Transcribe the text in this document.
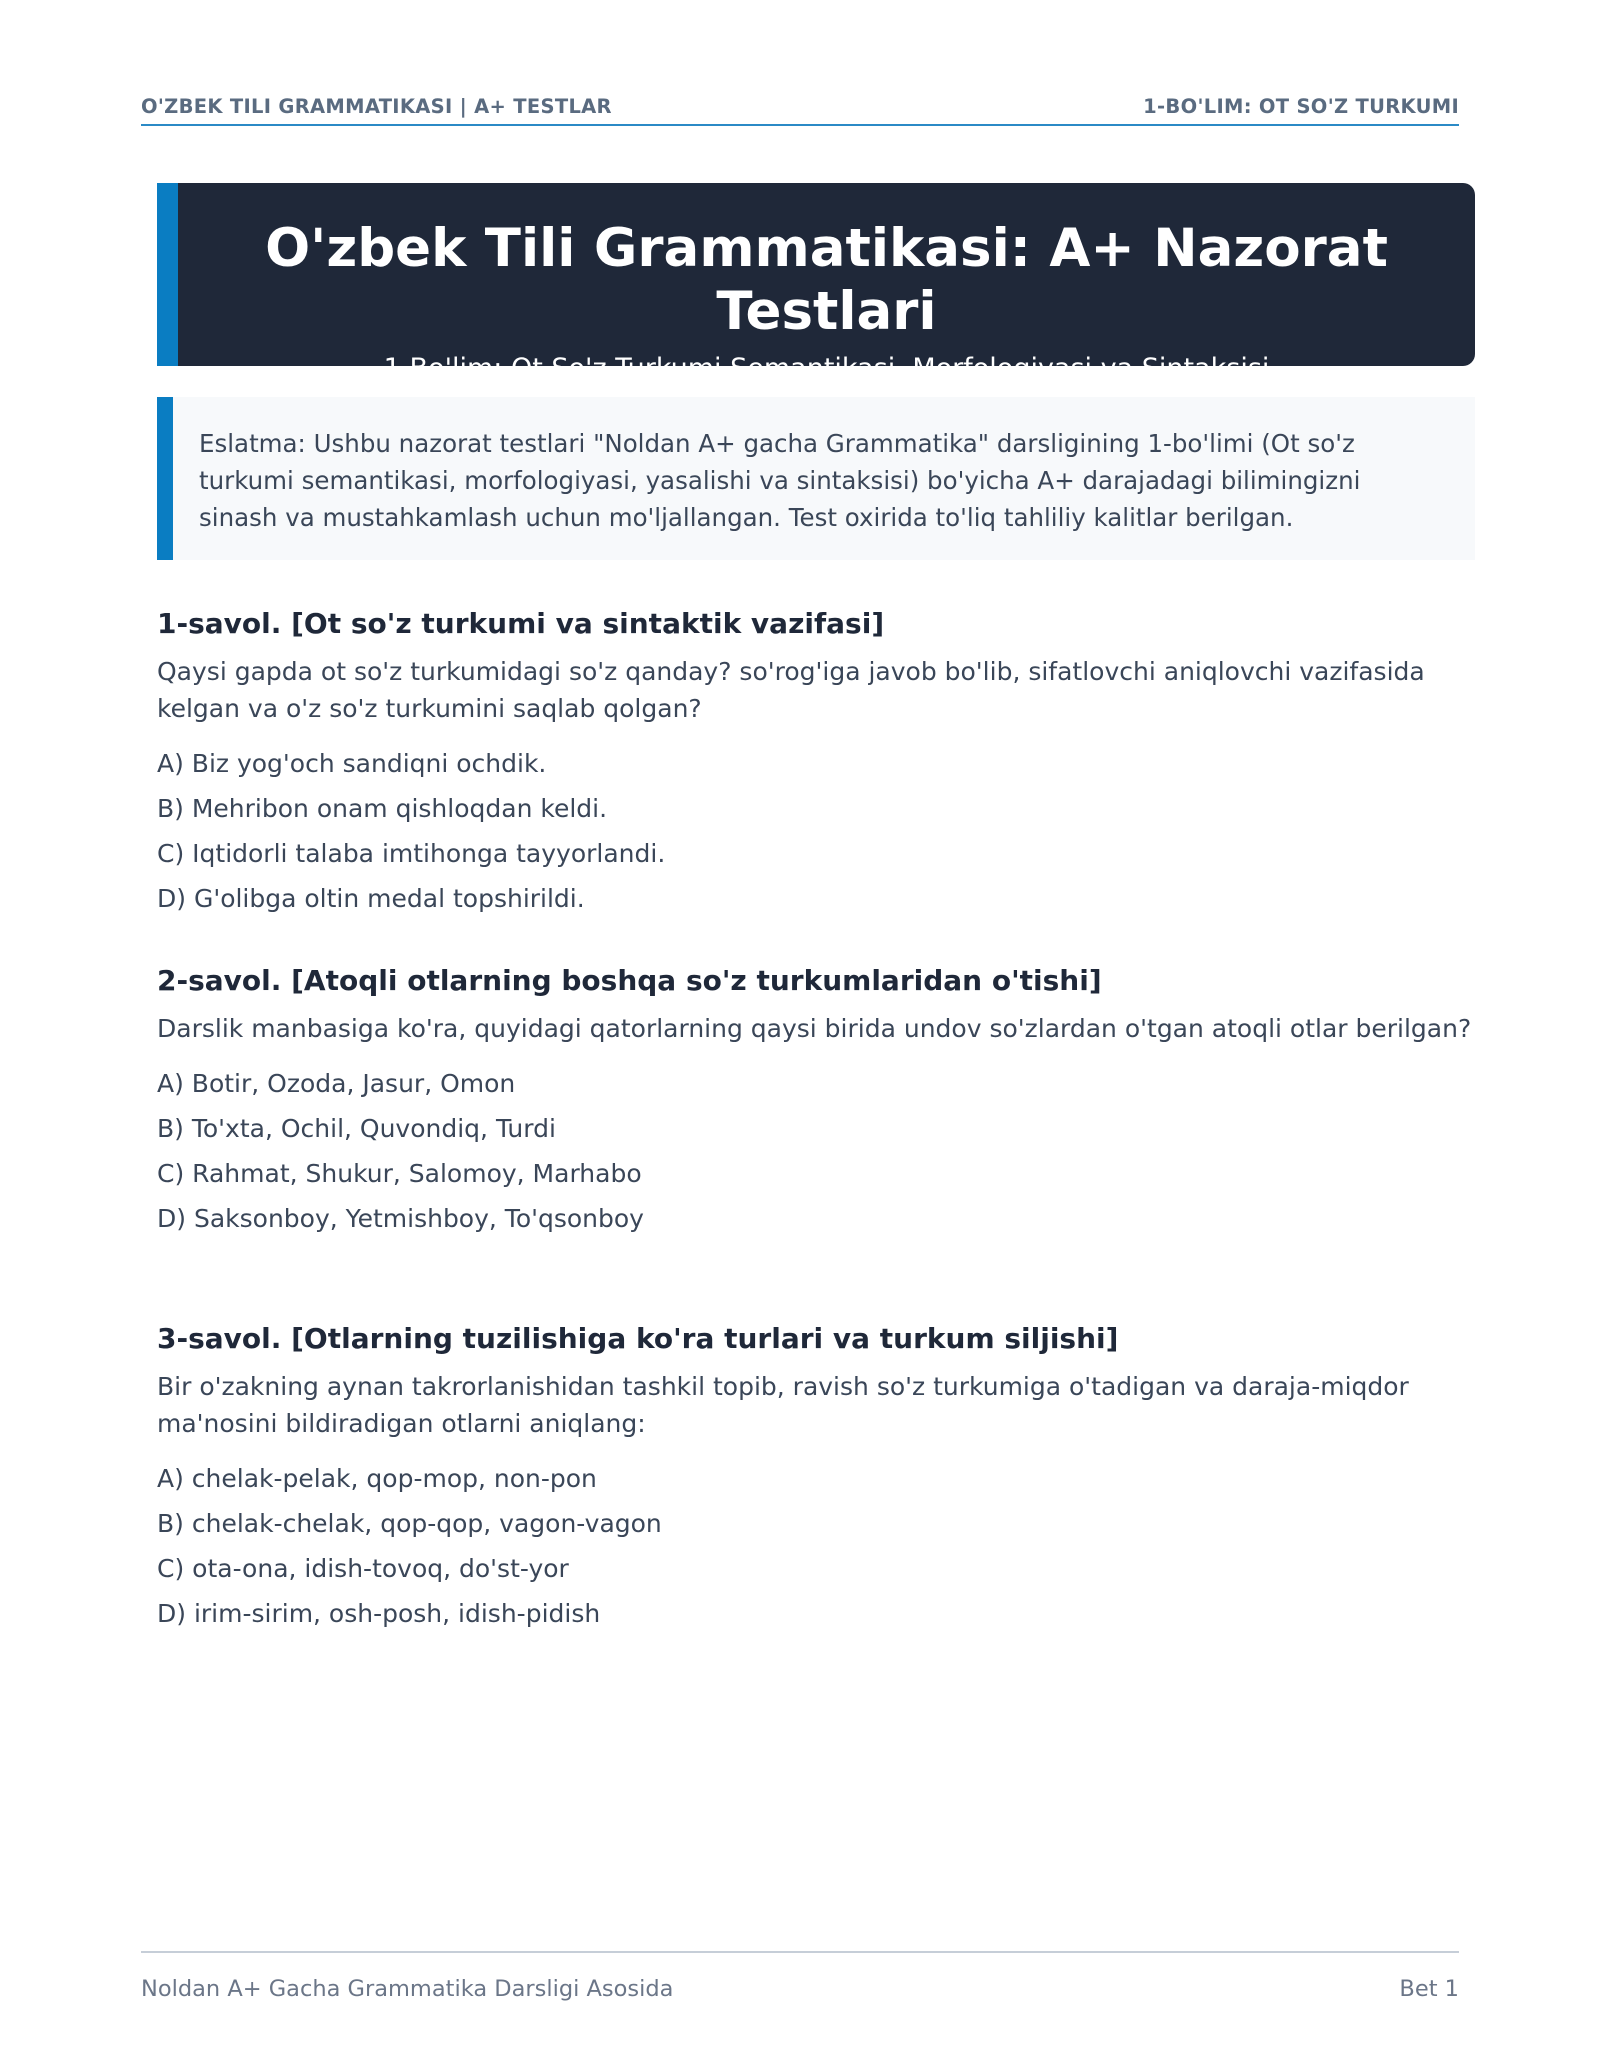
O'ZBEK TILI GRAMMATIKASI | A+ TESTLAR	1-BO'LIM: OT SO'Z TURKUMI
O'zbek Tili Grammatikasi: A+ Nazorat Testlari
1-Bo'lim: Ot So'z Turkumi Semantikasi, Morfologiyasi va Sintaksisi
Eslatma: Ushbu nazorat testlari "Noldan A+ gacha Grammatika" darsligining 1-bo'limi (Ot so'z turkumi semantikasi, morfologiyasi, yasalishi va sintaksisi) bo'yicha A+ darajadagi bilimingizni sinash va mustahkamlash uchun mo'ljallangan. Test oxirida to'liq tahliliy kalitlar berilgan.
1-savol. [Ot so'z turkumi va sintaktik vazifasi]

Qaysi gapda ot so'z turkumidagi so'z qanday? so'rog'iga javob bo'lib, sifatlovchi aniqlovchi vazifasida kelgan va o'z so'z turkumini saqlab qolgan?

A) Biz yog'och sandiqni ochdik.
B) Mehribon onam qishloqdan keldi.
C) Iqtidorli talaba imtihonga tayyorlandi.
D) G'olibga oltin medal topshirildi.
2-savol. [Atoqli otlarning boshqa so'z turkumlaridan o'tishi]

Darslik manbasiga ko'ra, quyidagi qatorlarning qaysi birida undov so'zlardan o'tgan atoqli otlar berilgan?

A) Botir, Ozoda, Jasur, Omon
B) To'xta, Ochil, Quvondiq, Turdi
C) Rahmat, Shukur, Salomoy, Marhabo
D) Saksonboy, Yetmishboy, To'qsonboy
3-savol. [Otlarning tuzilishiga ko'ra turlari va turkum siljishi]

Bir o'zakning aynan takrorlanishidan tashkil topib, ravish so'z turkumiga o'tadigan va daraja-miqdor ma'nosini bildiradigan otlarni aniqlang:

A) chelak-pelak, qop-mop, non-pon
B) chelak-chelak, qop-qop, vagon-vagon
C) ota-ona, idish-tovoq, do'st-yor
D) irim-sirim, osh-posh, idish-pidish
Noldan A+ Gacha Grammatika Darsligi Asosida	Bet 1
